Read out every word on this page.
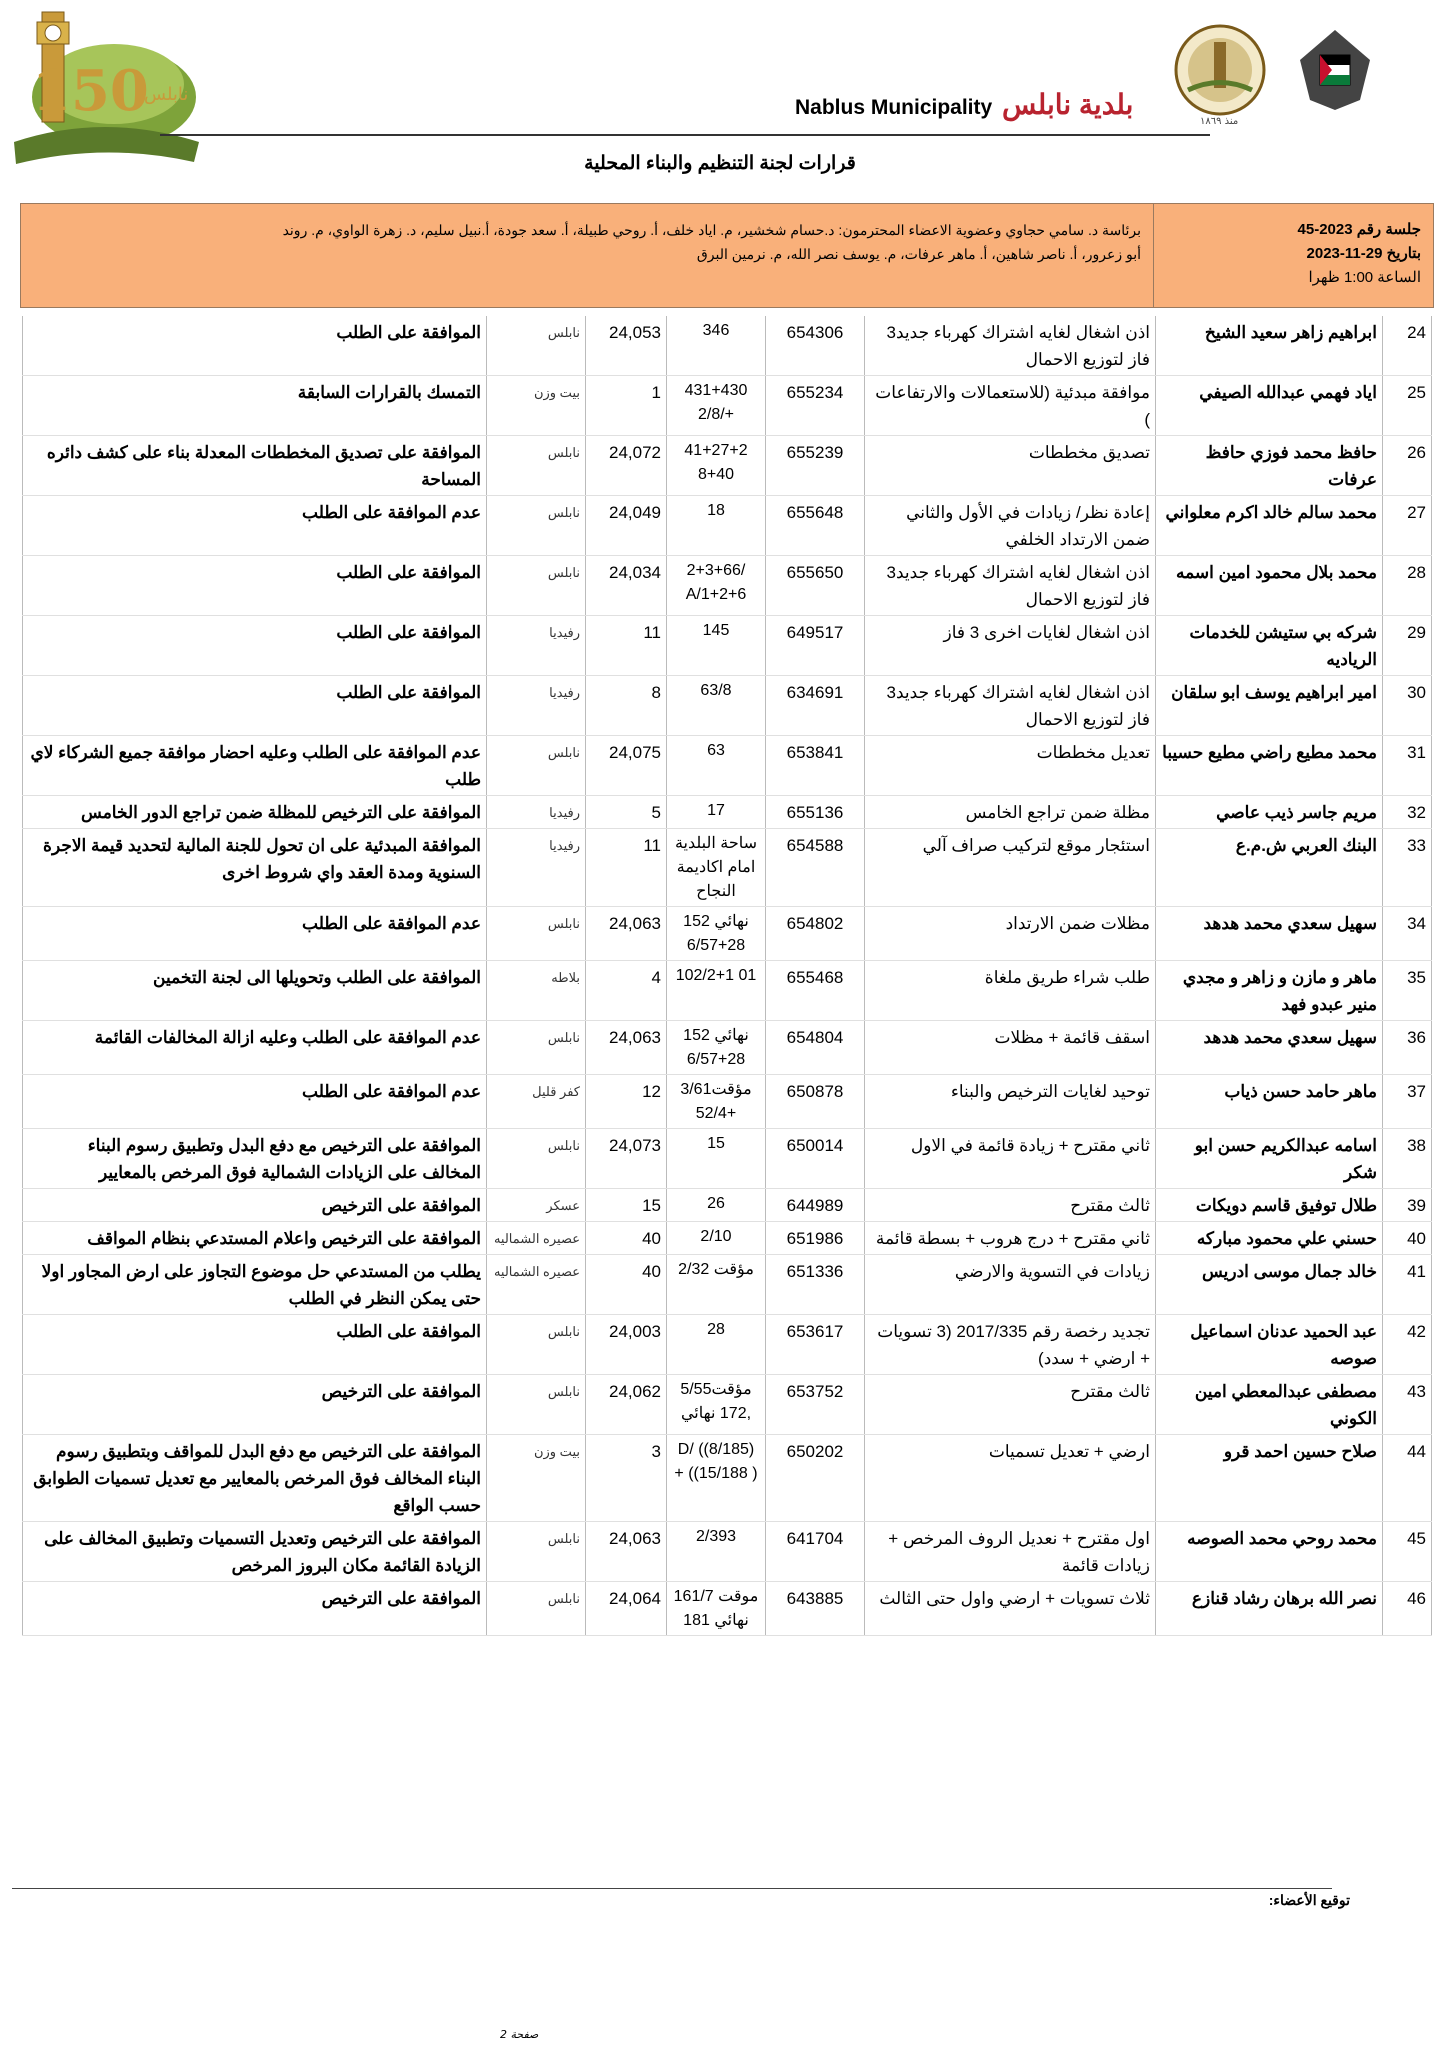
150
نابلس
Nablus Municipality بلدية نابلس
منذ ١٨٦٩
قرارات لجنة التنظيم والبناء المحلية
جلسة رقم 2023-45
بتاريخ 29-11-2023
الساعة 1:00 ظهرا
برئاسة د. سامي حجاوي وعضوية الاعضاء المحترمون: د.حسام شخشير، م. اياد خلف، أ. روحي طبيلة، أ. سعد جودة، أ.نبيل سليم، د. زهرة الواوي، م. روند
أبو زعرور، أ. ناصر شاهين، أ. ماهر عرفات، م. يوسف نصر الله، م. نرمين البرق
24	ابراهيم زاهر سعيد الشيخ	اذن اشغال لغايه اشتراك كهرباء جديد3 فاز لتوزيع الاحمال	654306	346	24,053	نابلس	الموافقة على الطلب
25	اياد فهمي عبدالله الصيفي	موافقة مبدئية (للاستعمالات والارتفاعات )	655234	431+430 2/8/+	1	بيت وزن	التمسك بالقرارات السابقة
26	حافظ محمد فوزي حافظ عرفات	تصديق مخططات	655239	41+27+2 8+40	24,072	نابلس	الموافقة على تصديق المخططات المعدلة بناء على كشف دائره المساحة
27	محمد سالم خالد اكرم معلواني	إعادة نظر/ زيادات في الأول والثاني ضمن الارتداد الخلفي	655648	18	24,049	نابلس	عدم الموافقة على الطلب
28	محمد بلال محمود امين اسمه	اذن اشغال لغايه اشتراك كهرباء جديد3 فاز لتوزيع الاحمال	655650	2+3+66/ A/1+2+6	24,034	نابلس	الموافقة على الطلب
29	شركه بي ستيشن للخدمات الرياديه	اذن اشغال لغايات اخرى 3 فاز	649517	145	11	رفيديا	الموافقة على الطلب
30	امير ابراهيم يوسف ابو سلقان	اذن اشغال لغايه اشتراك كهرباء جديد3 فاز لتوزيع الاحمال	634691	63/8	8	رفيديا	الموافقة على الطلب
31	محمد مطيع راضي مطيع حسيبا	تعديل مخططات	653841	63	24,075	نابلس	عدم الموافقة على الطلب وعليه احضار موافقة جميع الشركاء لاي طلب
32	مريم جاسر ذيب عاصي	مظلة ضمن تراجع الخامس	655136	17	5	رفيديا	الموافقة على الترخيص للمظلة ضمن تراجع الدور الخامس
33	البنك العربي ش.م.ع	استئجار موقع لتركيب صراف آلي	654588	ساحة البلدية امام اكاديمة النجاح	11	رفيديا	الموافقة المبدئية على ان تحول للجنة المالية لتحديد قيمة الاجرة السنوية ومدة العقد واي شروط اخرى
34	سهيل سعدي محمد هدهد	مظلات ضمن الارتداد	654802	152 نهائي 28+6/57	24,063	نابلس	عدم الموافقة على الطلب
35	ماهر و مازن و زاهر و مجدي منير عبدو فهد	طلب شراء طريق ملغاة	655468	102/2+1 01	4	بلاطه	الموافقة على الطلب وتحويلها الى لجنة التخمين
36	سهيل سعدي محمد هدهد	اسقف قائمة + مظلات	654804	152 نهائي 28+6/57	24,063	نابلس	عدم الموافقة على الطلب وعليه ازالة المخالفات القائمة
37	ماهر حامد حسن ذياب	توحيد لغايات الترخيص والبناء	650878	3/61مؤقت 52/4+	12	كفر قليل	عدم الموافقة على الطلب
38	اسامه عبدالكريم حسن ابو شكر	ثاني مقترح + زيادة قائمة في الاول	650014	15	24,073	نابلس	الموافقة على الترخيص مع دفع البدل وتطبيق رسوم البناء المخالف على الزيادات الشمالية فوق المرخص بالمعايير
39	طلال توفيق قاسم دويكات	ثالث مقترح	644989	26	15	عسكر	الموافقة على الترخيص
40	حسني علي محمود مباركه	ثاني مقترح + درج هروب + بسطة قائمة	651986	2/10	40	عصيره الشماليه	الموافقة على الترخيص واعلام المستدعي بنظام المواقف
41	خالد جمال موسى ادريس	زيادات في التسوية والارضي	651336	2/32 مؤقت	40	عصيره الشماليه	يطلب من المستدعي حل موضوع التجاوز على ارض المجاور اولا حتى يمكن النظر في الطلب
42	عبد الحميد عدنان اسماعيل صوصه	تجديد رخصة رقم 2017/335 (3 تسويات + ارضي + سدد)	653617	28	24,003	نابلس	الموافقة على الطلب
43	مصطفى عبدالمعطي امين الكوني	ثالث مقترح	653752	5/55مؤقت ,172 نهائي	24,062	نابلس	الموافقة على الترخيص
44	صلاح حسين احمد قرو	ارضي + تعديل تسميات	650202	D/ ((8/185) + ((15/188 )	3	بيت وزن	الموافقة على الترخيص مع دفع البدل للمواقف وبتطبيق رسوم البناء المخالف فوق المرخص بالمعايير مع تعديل تسميات الطوابق حسب الواقع
45	محمد روحي محمد الصوصه	اول مقترح + نعديل الروف المرخص + زيادات قائمة	641704	2/393	24,063	نابلس	الموافقة على الترخيص وتعديل التسميات وتطبيق المخالف على الزيادة القائمة مكان البروز المرخص
46	نصر الله برهان رشاد قنازع	ثلاث تسويات + ارضي واول حتى الثالث	643885	161/7 موقت نهائي 181	24,064	نابلس	الموافقة على الترخيص
توقيع الأعضاء:
صفحة 2
